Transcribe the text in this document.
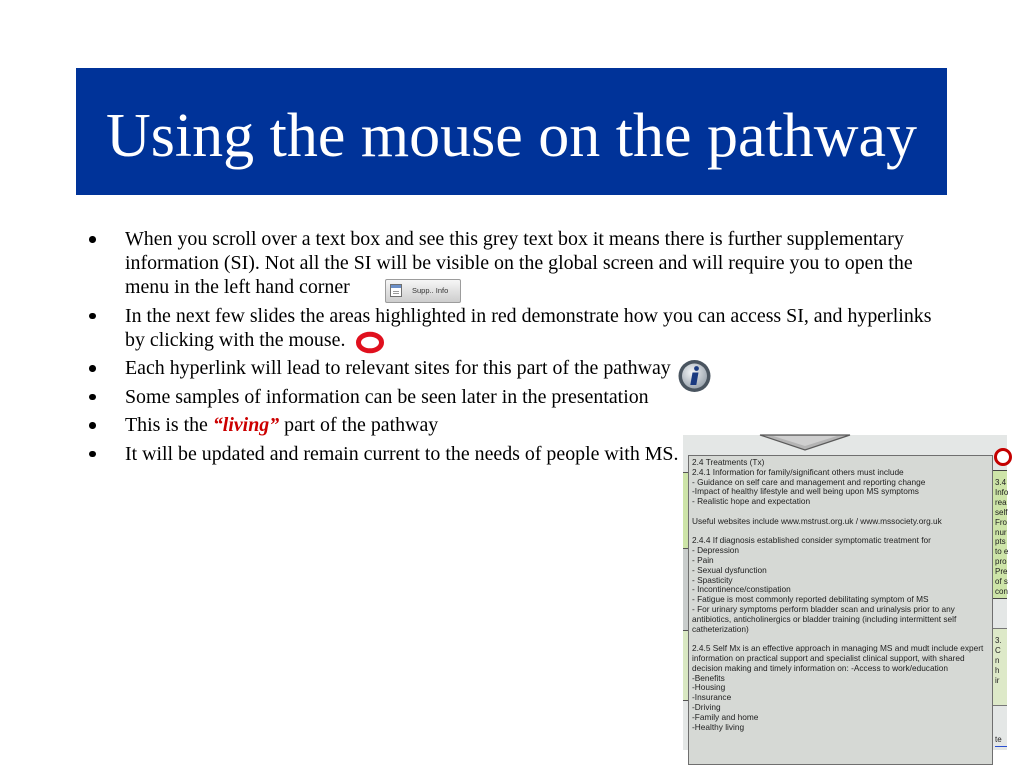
Using the mouse on the pathway
When you scroll over a text box and see this grey text box it means there is further supplementary information (SI). Not all the SI will be visible on the global screen and will require you to open the menu in the left hand corner
In the next few slides the areas highlighted in red demonstrate how you can access SI, and hyperlinks by clicking with the mouse.
Each hyperlink will lead to relevant sites for this part of the pathway
Some samples of information can be seen later in the presentation
This is the “living” part of the pathway
It will be updated and remain current to the needs of people with MS.
Supp.. Info
3.4
Info
rea
self
Fro
nur
pts
to e
pro
Pre
of s
con
3.
C
n
h
ir
te
2.4 Treatments (Tx)
2.4.1 Information for family/significant others must include
- Guidance on self care and management and reporting change
-Impact of healthy lifestyle and well being upon MS symptoms
- Realistic hope and expectation
Useful websites include www.mstrust.org.uk / www.mssociety.org.uk
2.4.4 If diagnosis established consider symptomatic treatment for
- Depression
- Pain
- Sexual dysfunction
- Spasticity
- Incontinence/constipation
- Fatigue is most commonly reported debilitating symptom of MS
- For urinary symptoms perform bladder scan and urinalysis prior to any
antibiotics, anticholinergics or bladder training (including intermittent self
catheterization)
2.4.5 Self Mx is an effective approach in managing MS and mudt include expert
information on practical support and specialist clinical support, with shared
decision making and timely information on: -Access to work/education
-Benefits
-Housing
-Insurance
-Driving
-Family and home
-Healthy living
